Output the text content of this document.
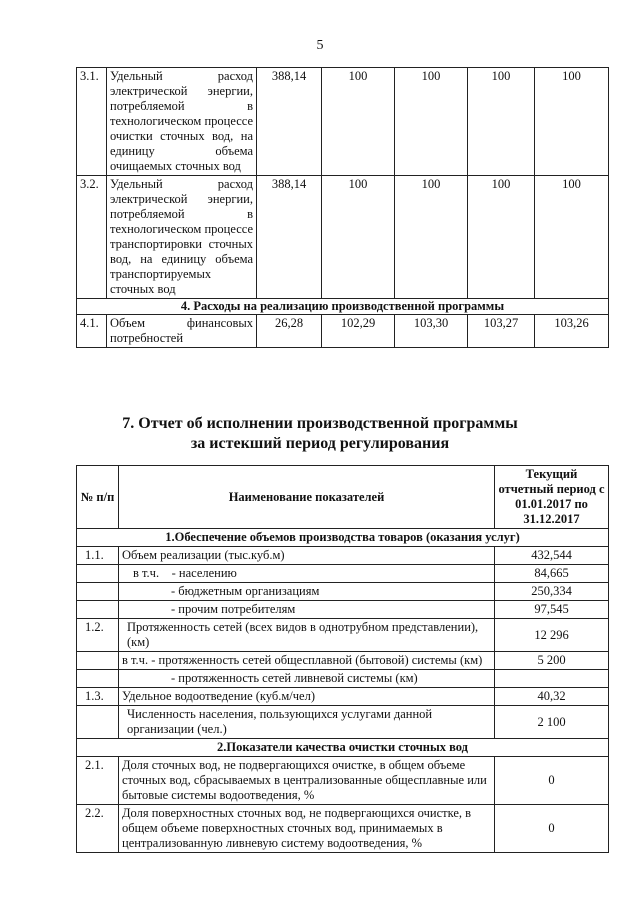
5
3.1.	Удельный расход электрической энергии, потребляемой в технологическом процессе очистки сточных вод, на единицу объема очищаемых сточных вод	388,14	100	100	100	100
3.2.	Удельный расход электрической энергии, потребляемой в технологическом процессе транспортировки сточных вод, на единицу объема транспортируемых сточных вод	388,14	100	100	100	100
4. Расходы на реализацию производственной программы						
4.1.	Объем финансовых потребностей	26,28	102,29	103,30	103,27	103,26
7. Отчет об исполнении производственной программы
за истекший период регулирования
№ п/п	Наименование показателей	Текущий отчетный период с 01.01.2017 по 31.12.2017
1.Обеспечение объемов производства товаров (оказания услуг)		
1.1.	Объем реализации (тыс.куб.м)	432,544
	в т.ч. - населению	84,665
	- бюджетным организациям	250,334
	- прочим потребителям	97,545
1.2.	Протяженность сетей (всех видов в однотрубном представлении), (км)	12 296
	в т.ч. - протяженность сетей общесплавной (бытовой) системы (км)	5 200
	- протяженность сетей ливневой системы (км)	
1.3.	Удельное водоотведение (куб.м/чел)	40,32
	Численность населения, пользующихся услугами данной организации (чел.)	2 100
2.Показатели качества очистки сточных вод		
2.1.	Доля сточных вод, не подвергающихся очистке, в общем объеме сточных вод, сбрасываемых в централизованные общесплавные или бытовые системы водоотведения, %	0
2.2.	Доля поверхностных сточных вод, не подвергающихся очистке, в общем объеме поверхностных сточных вод, принимаемых в централизованную ливневую систему водоотведения, %	0
